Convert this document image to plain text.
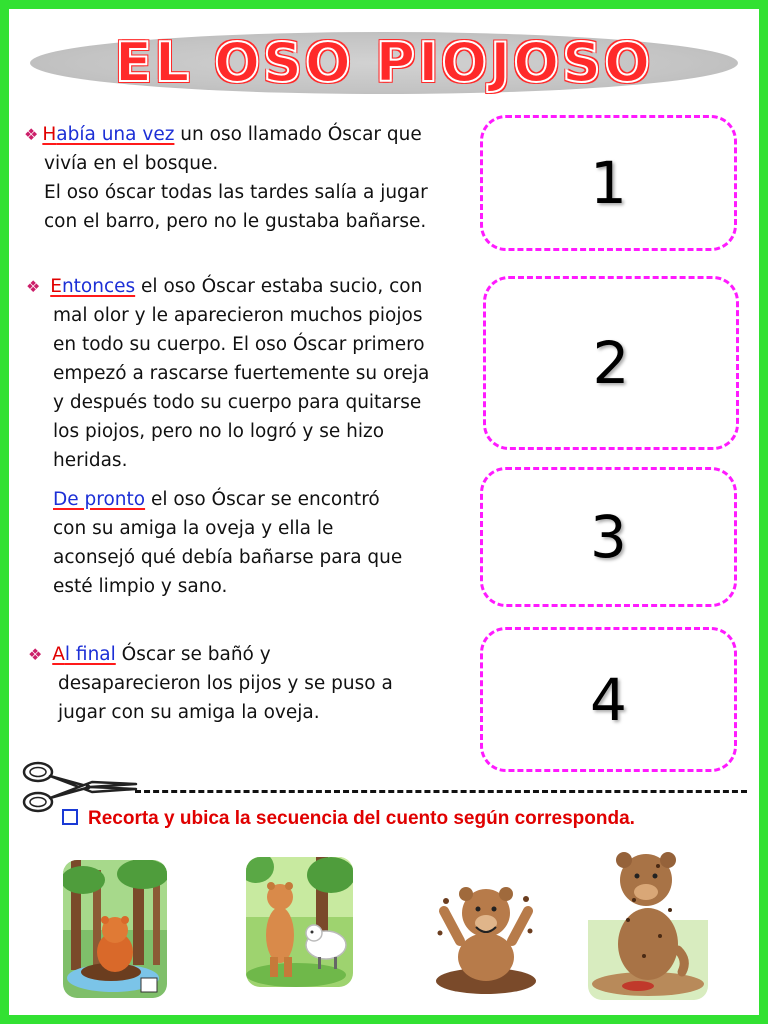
EL OSO PIOJOSO
❖ Había una vez un oso llamado Óscar que
vivía en el bosque.
El oso óscar todas las tardes salía a jugar
con el barro, pero no le gustaba bañarse.
❖ Entonces el oso Óscar estaba sucio, con
mal olor y le aparecieron muchos piojos
en todo su cuerpo. El oso Óscar primero
empezó a rascarse fuertemente su oreja
y después todo su cuerpo para quitarse
los piojos, pero no lo logró y se hizo
heridas.
De pronto el oso Óscar se encontró
con su amiga la oveja y ella le
aconsejó qué debía bañarse para que
esté limpio y sano.
❖ Al final Óscar se bañó y
desaparecieron los pijos y se puso a
jugar con su amiga la oveja.
1
2
3
4
Recorta y ubica la secuencia del cuento según corresponda.
